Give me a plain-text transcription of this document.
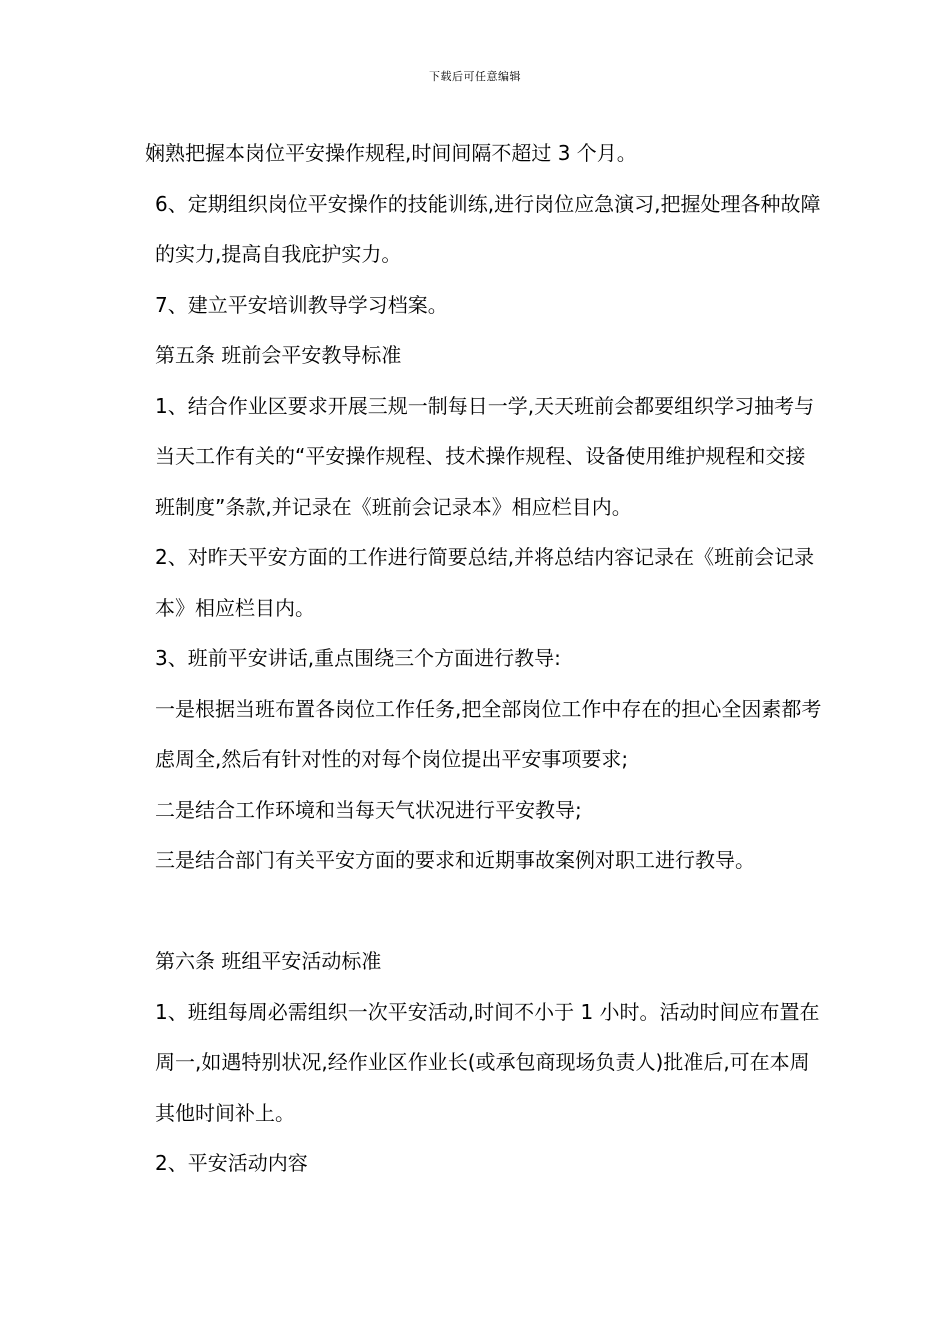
下载后可任意编辑

娴熟把握本岗位平安操作规程,时间间隔不超过 3 个月。

6、定期组织岗位平安操作的技能训练,进行岗位应急演习,把握处理各种故障的实力,提高自我庇护实力。

7、建立平安培训教导学习档案。

第五条 班前会平安教导标准

1、结合作业区要求开展三规一制每日一学,天天班前会都要组织学习抽考与当天工作有关的“平安操作规程、技术操作规程、设备使用维护规程和交接班制度”条款,并记录在《班前会记录本》相应栏目内。

2、对昨天平安方面的工作进行简要总结,并将总结内容记录在《班前会记录本》相应栏目内。

3、班前平安讲话,重点围绕三个方面进行教导:

一是根据当班布置各岗位工作任务,把全部岗位工作中存在的担心全因素都考虑周全,然后有针对性的对每个岗位提出平安事项要求;

二是结合工作环境和当每天气状况进行平安教导;

三是结合部门有关平安方面的要求和近期事故案例对职工进行教导。

第六条 班组平安活动标准

1、班组每周必需组织一次平安活动,时间不小于 1 小时。活动时间应布置在周一,如遇特别状况,经作业区作业长(或承包商现场负责人)批准后,可在本周其他时间补上。

2、平安活动内容
